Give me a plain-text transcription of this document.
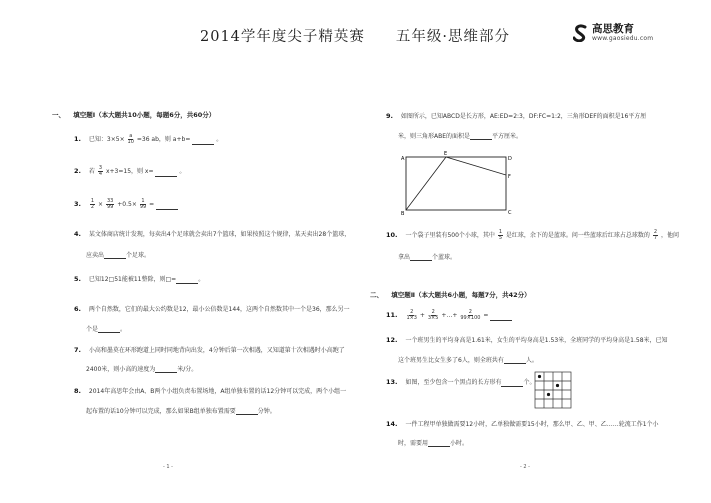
2014学年度尖子精英赛　　五年级·思维部分	高思教育
www.gaosiedu.com
一、 填空题Ⅰ（本大题共10小题，每题6分，共60分）
1. 已知：$3\times 5\times \frac{a}{10} =36$ ab，则 a+b=	。
2. 若 $\frac{3}{4} x+3=15$，则 x=	。
3. $\frac{1}{2} \times \frac{33}{99} +0.5\times \frac{1}{99}$ =
4. 某文体商店统计发现，每卖出4个足球就会卖出7个篮球，如果按照这个规律，某天卖出28个篮球，
应卖出	个足球。
5. 已知12□51能被11整除，则□=	。
6. 两个自然数，它们的最大公约数是12，最小公倍数是144，这两个自然数其中一个是36，那么另一
个是	。
7. 小高和墨莫在环形跑道上同时同地背向出发，4分钟后第一次相遇，又知道第十次相遇时小高跑了
2400米，则小高的速度为	米/分。
8. 2014年高思年会由A、B两个小组负责布置场地，A组单独布置的话12分钟可以完成，两个小组一
起布置的话10分钟可以完成，那么如果B组单独布置需要	分钟。
9. 如图所示，已知ABCD是长方形，AE:ED=2:3，DF:FC=1:2，三角形DEF的面积是16平方厘
米，则三角形ABE的面积是	平方厘米。
A
E
D
F
B	C
10. 一个袋子里装有500个小球，其中 $\frac{1}{5}$ 是红球，余下的是蓝球。问一些蓝球后红球占总球数的 $\frac{2}{7}$ ，他问
拿出	个蓝球。
二、 填空题Ⅱ（本大题共6小题，每题7分，共42分）
11. $\frac{2}{1\times 3} + \frac{2}{3\times 5}$ +…+ $\frac{2}{99\times 100}$ =
12. 一个班男生的平均身高是1.61米，女生的平均身高是1.53米，全班同学的平均身高是1.58米，已知
这个班男生比女生多了6人，则全班共有	人。
13. 如图，至少包含一个黑点的长方形有	个。
14. 一件工程甲单独做需要12小时，乙单独做需要15小时，那么甲、乙、甲、乙……轮流工作1个小
时，需要用	小时。
- 1 -	- 2 -
